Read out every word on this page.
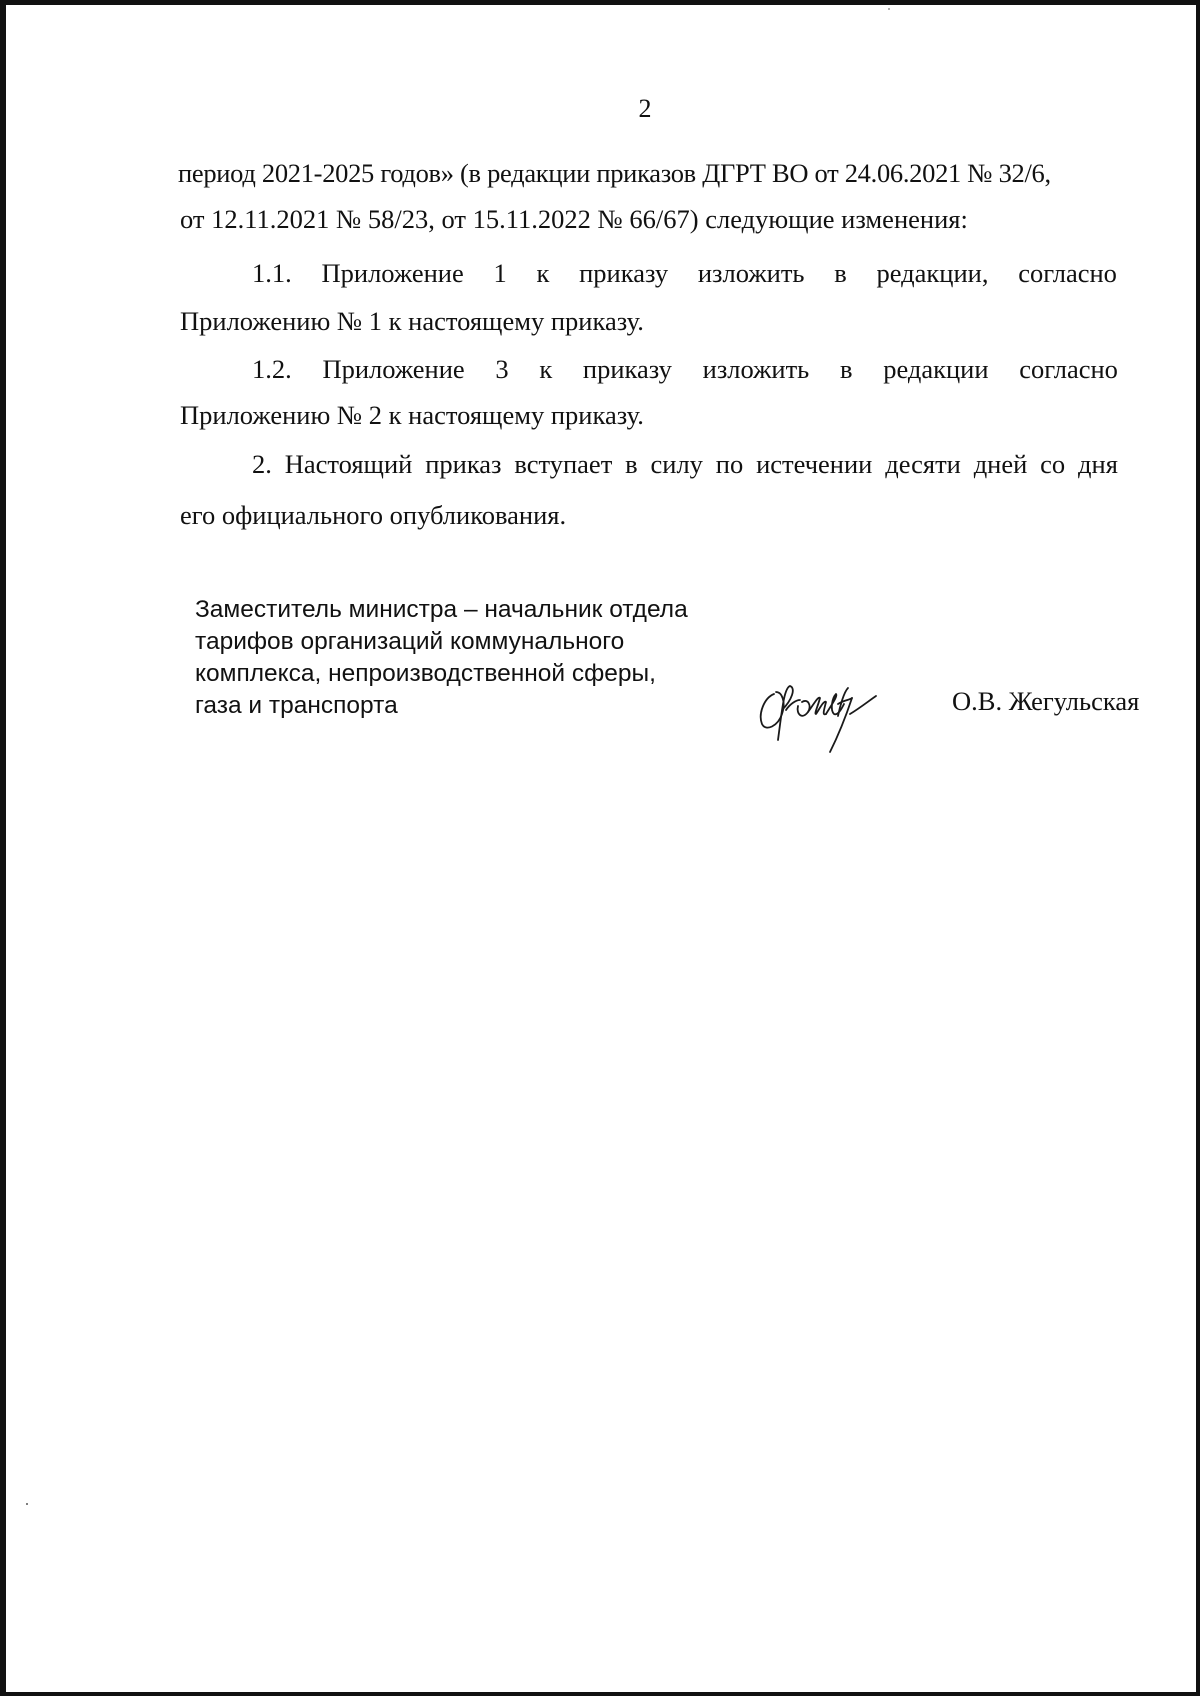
2
период 2021-2025 годов» (в редакции приказов ДГРТ ВО от 24.06.2021 № 32/6,
от 12.11.2021 № 58/23, от 15.11.2022 № 66/67) следующие изменения:
1.1. Приложение 1 к приказу изложить в редакции, согласно
Приложению № 1 к настоящему приказу.
1.2. Приложение 3 к приказу изложить в редакции согласно
Приложению № 2 к настоящему приказу.
2. Настоящий приказ вступает в силу по истечении десяти дней со дня
его официального опубликования.
Заместитель министра – начальник отдела
тарифов организаций коммунального
комплекса, непроизводственной сферы,
газа и транспорта	О.В. Жегульская
